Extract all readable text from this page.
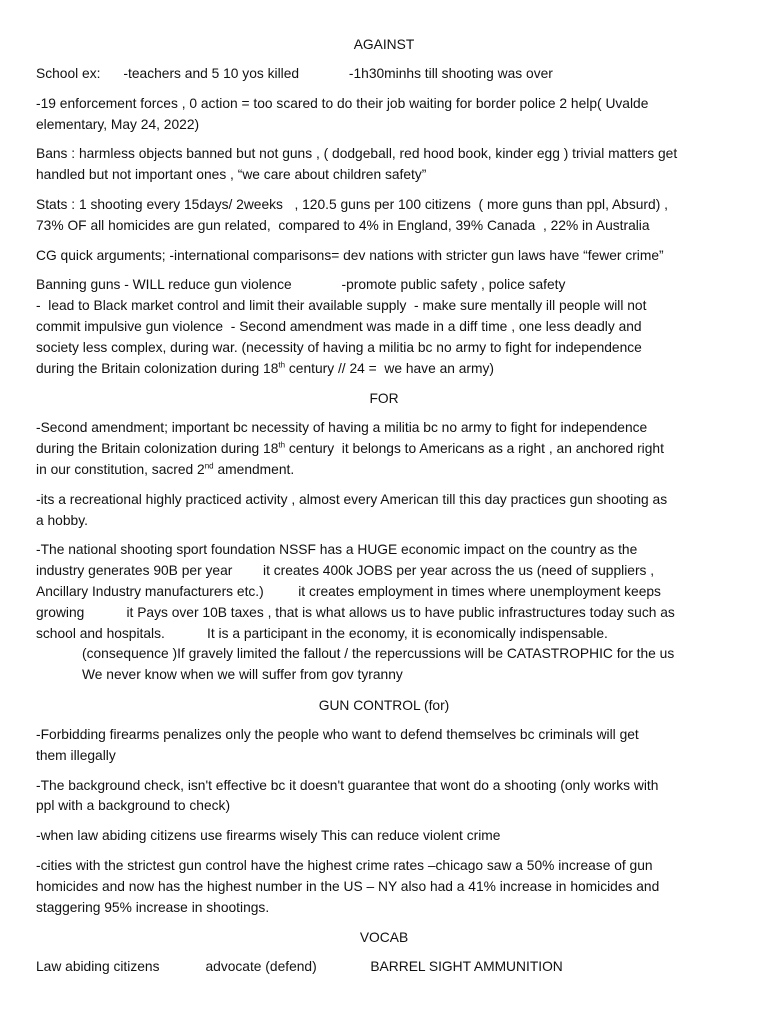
AGAINST
School ex:      -teachers and 5 10 yos killed             -1h30minhs till shooting was over
-19 enforcement forces , 0 action = too scared to do their job waiting for border police 2 help( Uvalde
elementary, May 24, 2022)
Bans : harmless objects banned but not guns , ( dodgeball, red hood book, kinder egg ) trivial matters get
handled but not important ones , “we care about children safety”
Stats : 1 shooting every 15days/ 2weeks   , 120.5 guns per 100 citizens  ( more guns than ppl, Absurd) ,
73% OF all homicides are gun related,  compared to 4% in England, 39% Canada  , 22% in Australia
CG quick arguments; -international comparisons= dev nations with stricter gun laws have “fewer crime”
Banning guns - WILL reduce gun violence             -promote public safety , police safety
-  lead to Black market control and limit their available supply  - make sure mentally ill people will not
commit impulsive gun violence  - Second amendment was made in a diff time , one less deadly and
society less complex, during war. (necessity of having a militia bc no army to fight for independence
during the Britain colonization during 18th century // 24 =  we have an army)
FOR
-Second amendment; important bc necessity of having a militia bc no army to fight for independence
during the Britain colonization during 18th century  it belongs to Americans as a right , an anchored right
in our constitution, sacred 2nd amendment.
-its a recreational highly practiced activity , almost every American till this day practices gun shooting as
a hobby.
-The national shooting sport foundation NSSF has a HUGE economic impact on the country as the
industry generates 90B per year        it creates 400k JOBS per year across the us (need of suppliers ,
Ancillary Industry manufacturers etc.)         it creates employment in times where unemployment keeps
growing           it Pays over 10B taxes , that is what allows us to have public infrastructures today such as
school and hospitals.           It is a participant in the economy, it is economically indispensable.
(consequence )If gravely limited the fallout / the repercussions will be CATASTROPHIC for the us
We never know when we will suffer from gov tyranny
GUN CONTROL (for)
-Forbidding firearms penalizes only the people who want to defend themselves bc criminals will get
them illegally
-The background check, isn't effective bc it doesn't guarantee that wont do a shooting (only works with
ppl with a background to check)
-when law abiding citizens use firearms wisely This can reduce violent crime
-cities with the strictest gun control have the highest crime rates –chicago saw a 50% increase of gun
homicides and now has the highest number in the US – NY also had a 41% increase in homicides and
staggering 95% increase in shootings.
VOCAB
Law abiding citizens            advocate (defend)              BARREL SIGHT AMMUNITION
